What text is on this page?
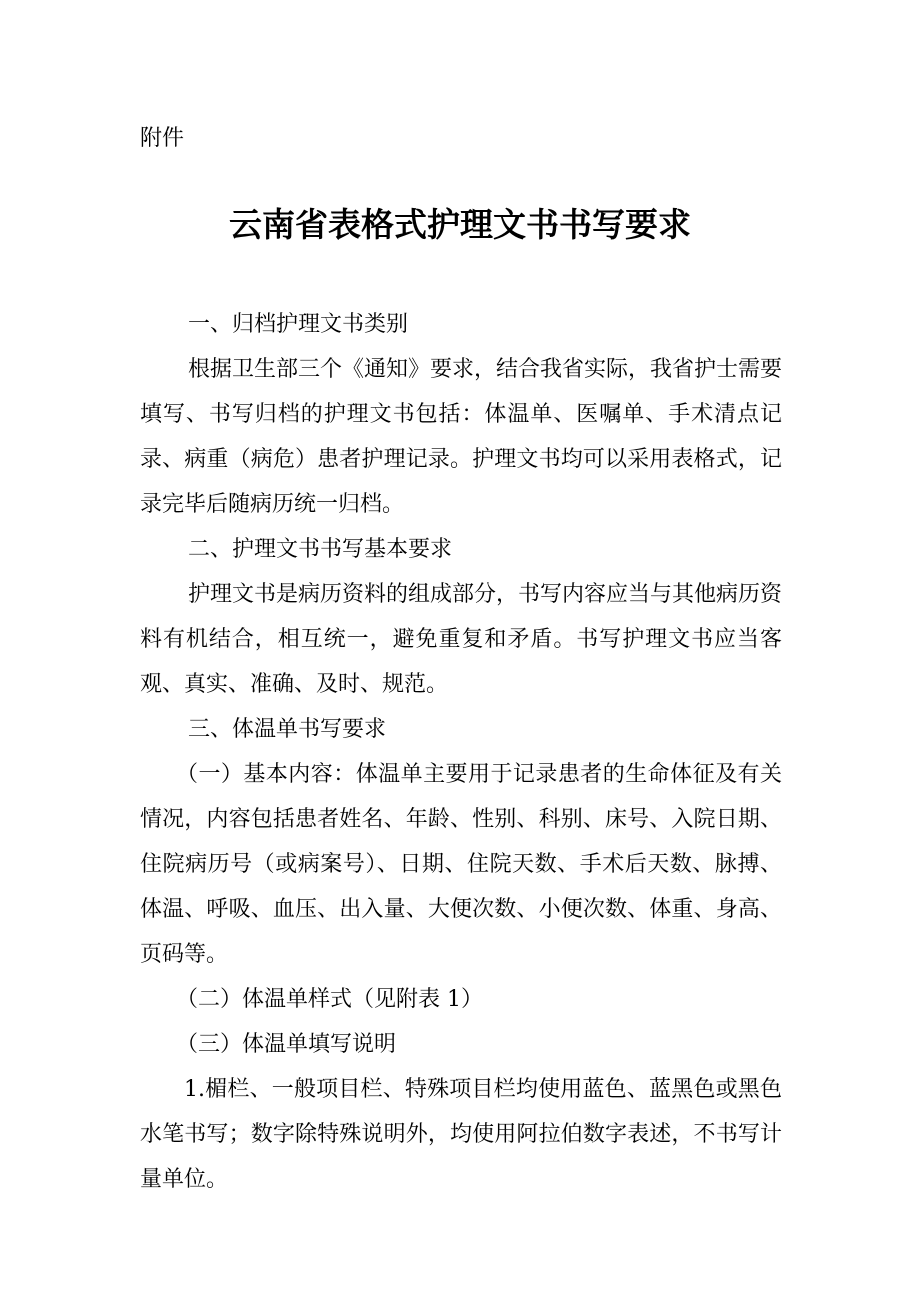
附件
云南省表格式护理文书书写要求

一、归档护理文书类别

根据卫生部三个《通知》要求，结合我省实际，我省护士需要填写、书写归档的护理文书包括：体温单、医嘱单、手术清点记录、病重（病危）患者护理记录。护理文书均可以采用表格式，记录完毕后随病历统一归档。

二、护理文书书写基本要求

护理文书是病历资料的组成部分，书写内容应当与其他病历资料有机结合，相互统一，避免重复和矛盾。书写护理文书应当客观、真实、准确、及时、规范。

三、体温单书写要求

（一）基本内容：体温单主要用于记录患者的生命体征及有关情况，内容包括患者姓名、年龄、性别、科别、床号、入院日期、住院病历号（或病案号）、日期、住院天数、手术后天数、脉搏、体温、呼吸、血压、出入量、大便次数、小便次数、体重、身高、页码等。

（二）体温单样式（见附表 1）

（三）体温单填写说明

1.楣栏、一般项目栏、特殊项目栏均使用蓝色、蓝黑色或黑色水笔书写；数字除特殊说明外，均使用阿拉伯数字表述，不书写计量单位。
